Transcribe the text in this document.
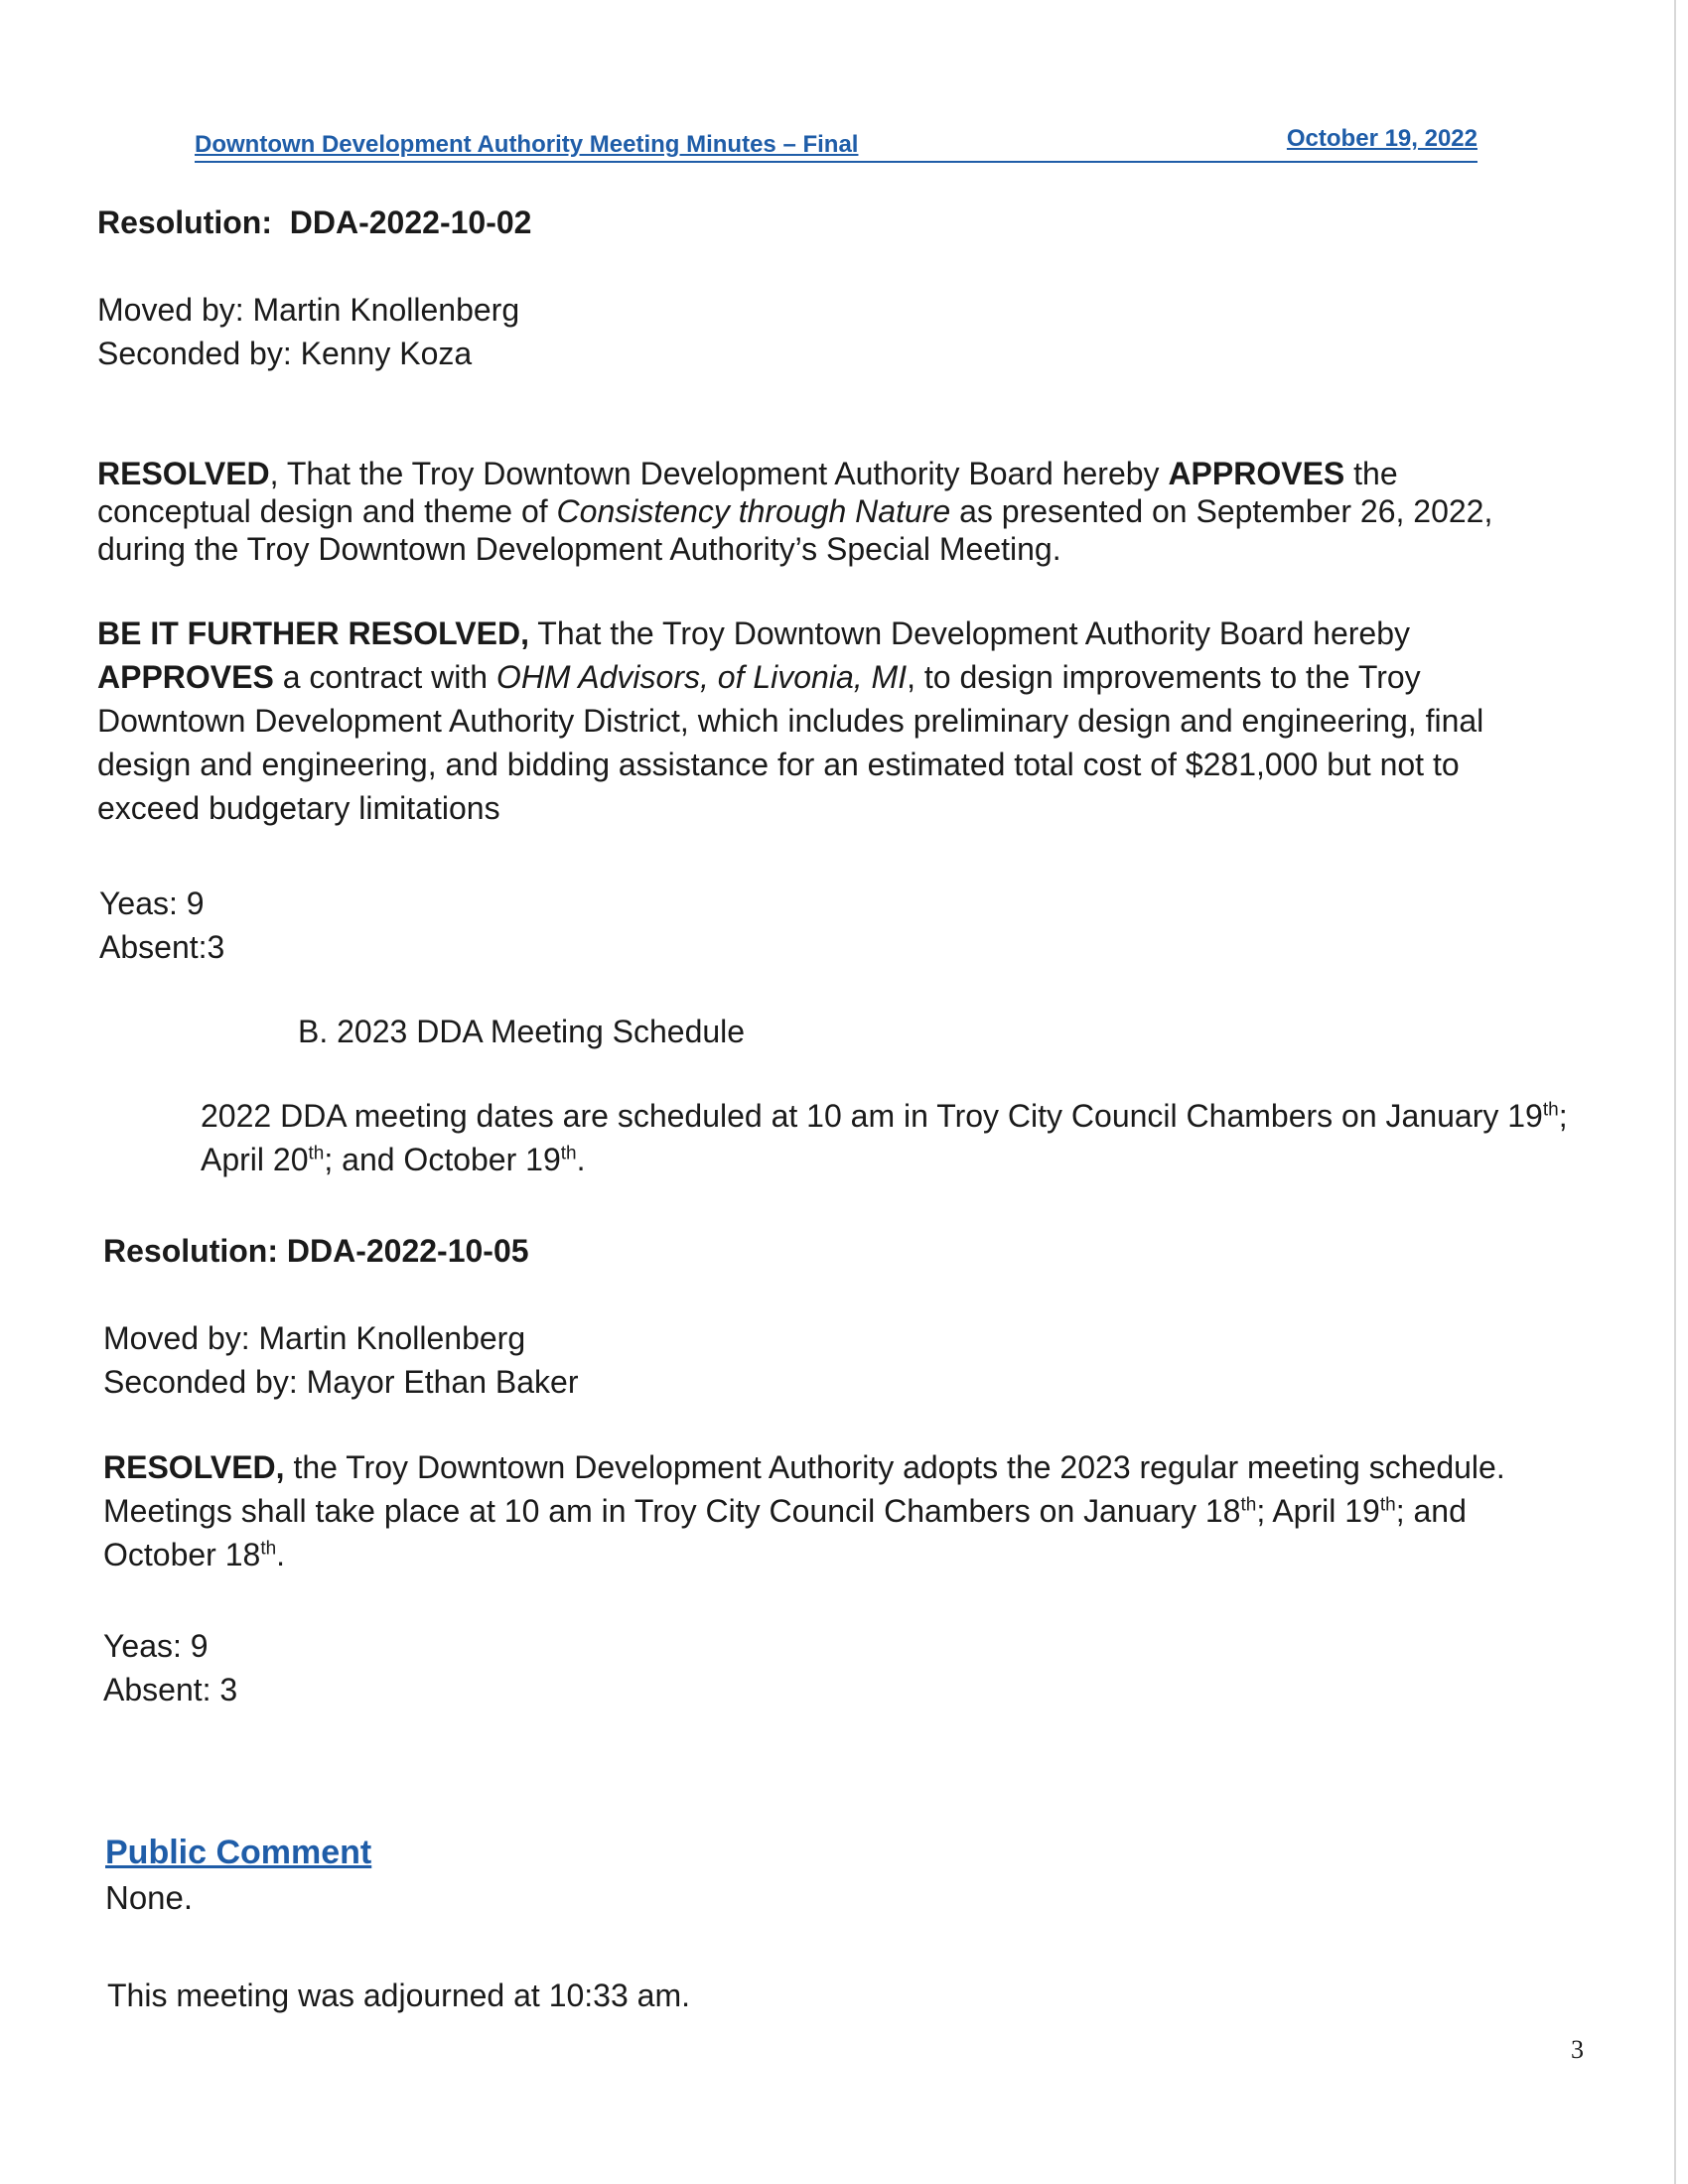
Downtown Development Authority Meeting Minutes – Final	October 19, 2022
Resolution: DDA-2022-10-02
Moved by: Martin Knollenberg
Seconded by: Kenny Koza
RESOLVED, That the Troy Downtown Development Authority Board hereby APPROVES the conceptual design and theme of Consistency through Nature as presented on September 26, 2022, during the Troy Downtown Development Authority’s Special Meeting.
BE IT FURTHER RESOLVED, That the Troy Downtown Development Authority Board hereby APPROVES a contract with OHM Advisors, of Livonia, MI, to design improvements to the Troy Downtown Development Authority District, which includes preliminary design and engineering, final design and engineering, and bidding assistance for an estimated total cost of $281,000 but not to exceed budgetary limitations
Yeas: 9
Absent:3
B. 2023 DDA Meeting Schedule
2022 DDA meeting dates are scheduled at 10 am in Troy City Council Chambers on January 19th; April 20th; and October 19th.
Resolution: DDA-2022-10-05
Moved by: Martin Knollenberg
Seconded by: Mayor Ethan Baker
RESOLVED, the Troy Downtown Development Authority adopts the 2023 regular meeting schedule. Meetings shall take place at 10 am in Troy City Council Chambers on January 18th; April 19th; and October 18th.
Yeas: 9
Absent: 3
Public Comment
None.
This meeting was adjourned at 10:33 am.
3
